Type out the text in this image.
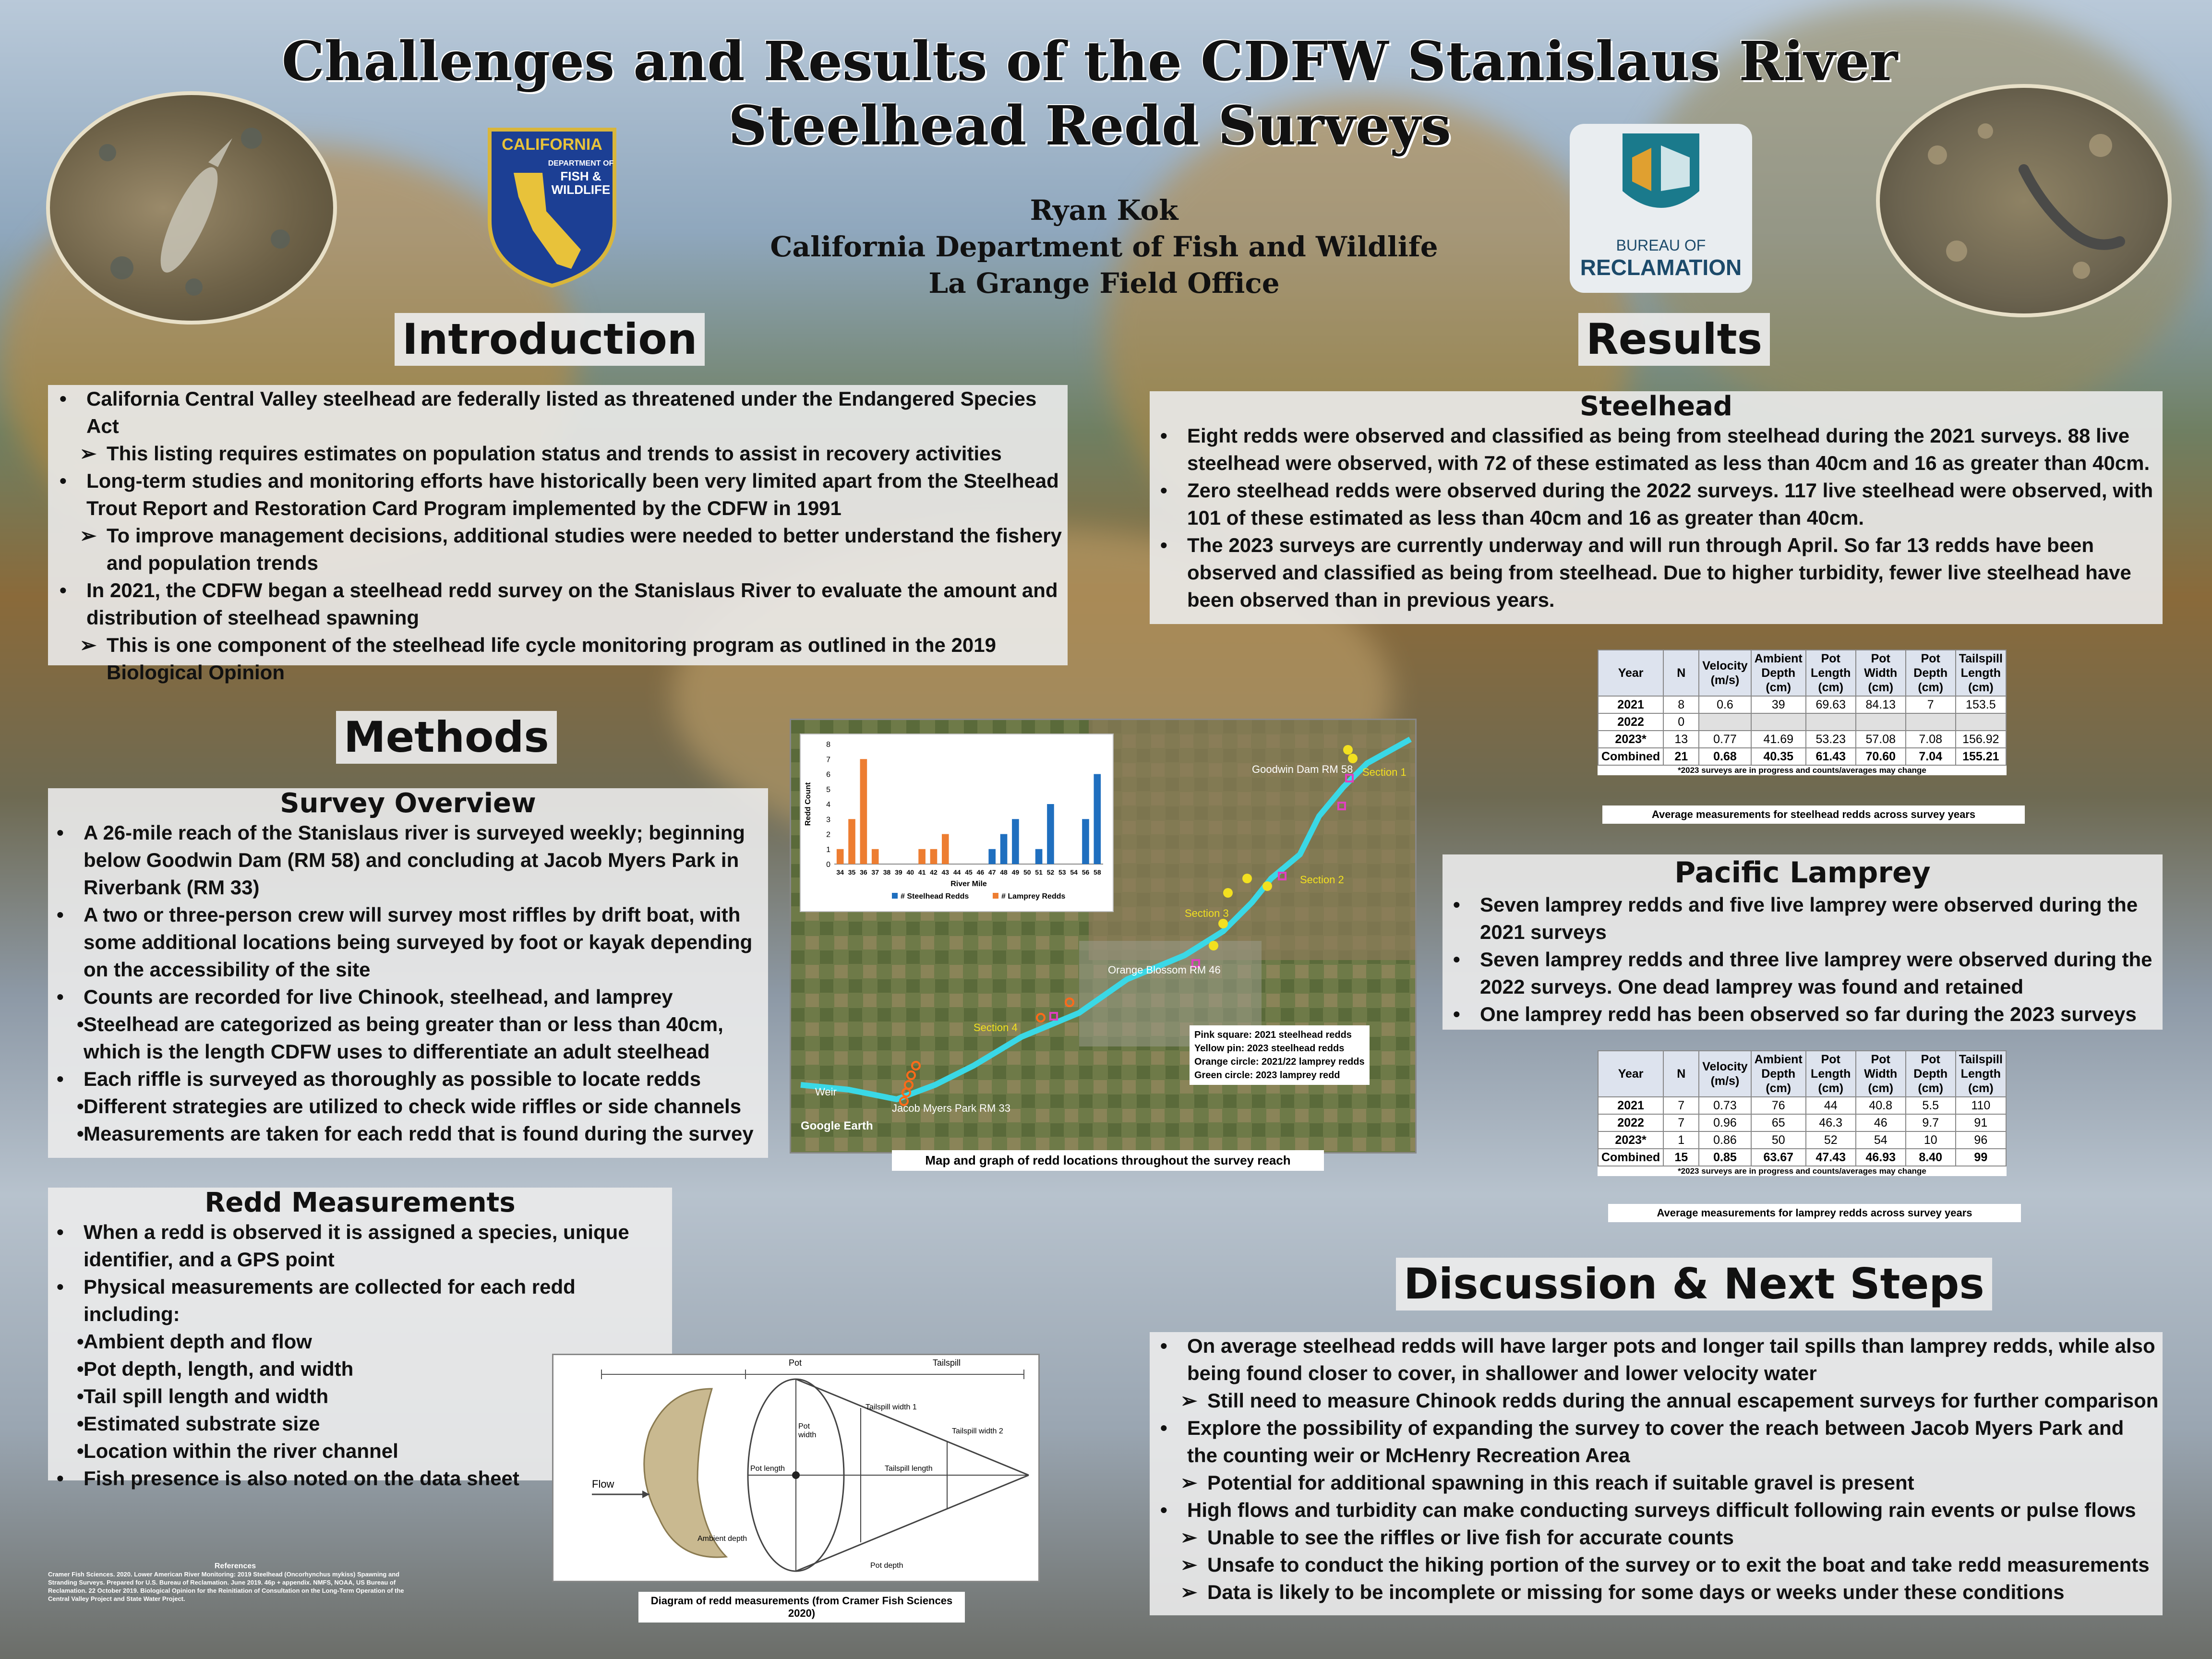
Challenges and Results of the CDFW Stanislaus River
Steelhead Redd Surveys
Ryan Kok
California Department of Fish and Wildlife
La Grange Field Office
CALIFORNIA
DEPARTMENT OF
FISH &
WILDLIFE
BUREAU OF
RECLAMATION
Introduction
• California Central Valley steelhead are federally listed as threatened under the Endangered Species Act
➢ This listing requires estimates on population status and trends to assist in recovery activities
• Long-term studies and monitoring efforts have historically been very limited apart from the Steelhead Trout Report and Restoration Card Program implemented by the CDFW in 1991
➢ To improve management decisions, additional studies were needed to better understand the fishery and population trends
• In 2021, the CDFW began a steelhead redd survey on the Stanislaus River to evaluate the amount and distribution of steelhead spawning
➢ This is one component of the steelhead life cycle monitoring program as outlined in the 2019 Biological Opinion
Methods
Survey Overview
• A 26-mile reach of the Stanislaus river is surveyed weekly; beginning below Goodwin Dam (RM 58) and concluding at Jacob Myers Park in Riverbank (RM 33)
• A two or three-person crew will survey most riffles by drift boat, with some additional locations being surveyed by foot or kayak depending on the accessibility of the site
• Counts are recorded for live Chinook, steelhead, and lamprey
• Steelhead are categorized as being greater than or less than 40cm, which is the length CDFW uses to differentiate an adult steelhead
• Each riffle is surveyed as thoroughly as possible to locate redds
• Different strategies are utilized to check wide riffles or side channels
• Measurements are taken for each redd that is found during the survey
Redd Measurements
• When a redd is observed it is assigned a species, unique identifier, and a GPS point
• Physical measurements are collected for each redd including:
• Ambient depth and flow
• Pot depth, length, and width
• Tail spill length and width
• Estimated substrate size
• Location within the river channel
• Fish presence is also noted on the data sheet
Goodwin Dam RM 58 Section 1
Section 2
Section 3
Section 4
Orange Blossom RM 46
Jacob Myers Park RM 33
Weir
Google Earth
Pink square: 2021 steelhead redds
Yellow pin: 2023 steelhead redds
Orange circle: 2021/22 lamprey redds
Green circle: 2023 lamprey redd
0
1
2
3
4
5
6
7
8
34 35 36 37 38 39 40 41 42 43 44 45 46 47 48 49 50 51 52 53 54 56 58
River Mile
Redd Count
# Steelhead Redds	# Lamprey Redds
Map and graph of redd locations throughout the survey reach
Pot	Tailspill
Tailspill width 1
Tailspill width 2
Pot width
Pot length	Tailspill length
Flow
Ambient depth
Pot depth
Diagram of redd measurements (from Cramer Fish Sciences 2020)
References
Cramer Fish Sciences. 2020. Lower American River Monitoring: 2019 Steelhead (Oncorhynchus mykiss) Spawning and Stranding Surveys. Prepared for U.S. Bureau of Reclamation. June 2019. 46p + appendix. NMFS, NOAA, US Bureau of Reclamation. 22 October 2019. Biological Opinion for the Reinitiation of Consultation on the Long-Term Operation of the Central Valley Project and State Water Project.
Results
Steelhead
• Eight redds were observed and classified as being from steelhead during the 2021 surveys. 88 live steelhead were observed, with 72 of these estimated as less than 40cm and 16 as greater than 40cm.
• Zero steelhead redds were observed during the 2022 surveys. 117 live steelhead were observed, with 101 of these estimated as less than 40cm and 16 as greater than 40cm.
• The 2023 surveys are currently underway and will run through April. So far 13 redds have been observed and classified as being from steelhead. Due to higher turbidity, fewer live steelhead have been observed than in previous years.
Year	N	Velocity (m/s)	Ambient Depth (cm)	Pot Length (cm)	Pot Width (cm)	Pot Depth (cm)	Tailspill Length (cm)
2021	8	0.6	39	69.63	84.13	7	153.5
2022	0						
2023*	13	0.77	41.69	53.23	57.08	7.08	156.92
Combined	21	0.68	40.35	61.43	70.60	7.04	155.21
*2023 surveys are in progress and counts/averages may change
Average measurements for steelhead redds across survey years
Pacific Lamprey
• Seven lamprey redds and five live lamprey were observed during the 2021 surveys
• Seven lamprey redds and three live lamprey were observed during the 2022 surveys. One dead lamprey was found and retained
• One lamprey redd has been observed so far during the 2023 surveys
Year	N	Velocity (m/s)	Ambient Depth (cm)	Pot Length (cm)	Pot Width (cm)	Pot Depth (cm)	Tailspill Length (cm)
2021	7	0.73	76	44	40.8	5.5	110
2022	7	0.96	65	46.3	46	9.7	91
2023*	1	0.86	50	52	54	10	96
Combined	15	0.85	63.67	47.43	46.93	8.40	99
*2023 surveys are in progress and counts/averages may change
Average measurements for lamprey redds across survey years
Discussion & Next Steps
• On average steelhead redds will have larger pots and longer tail spills than lamprey redds, while also being found closer to cover, in shallower and lower velocity water
➢ Still need to measure Chinook redds during the annual escapement surveys for further comparison
• Explore the possibility of expanding the survey to cover the reach between Jacob Myers Park and the counting weir or McHenry Recreation Area
➢ Potential for additional spawning in this reach if suitable gravel is present
• High flows and turbidity can make conducting surveys difficult following rain events or pulse flows
➢ Unable to see the riffles or live fish for accurate counts
➢ Unsafe to conduct the hiking portion of the survey or to exit the boat and take redd measurements
➢ Data is likely to be incomplete or missing for some days or weeks under these conditions
